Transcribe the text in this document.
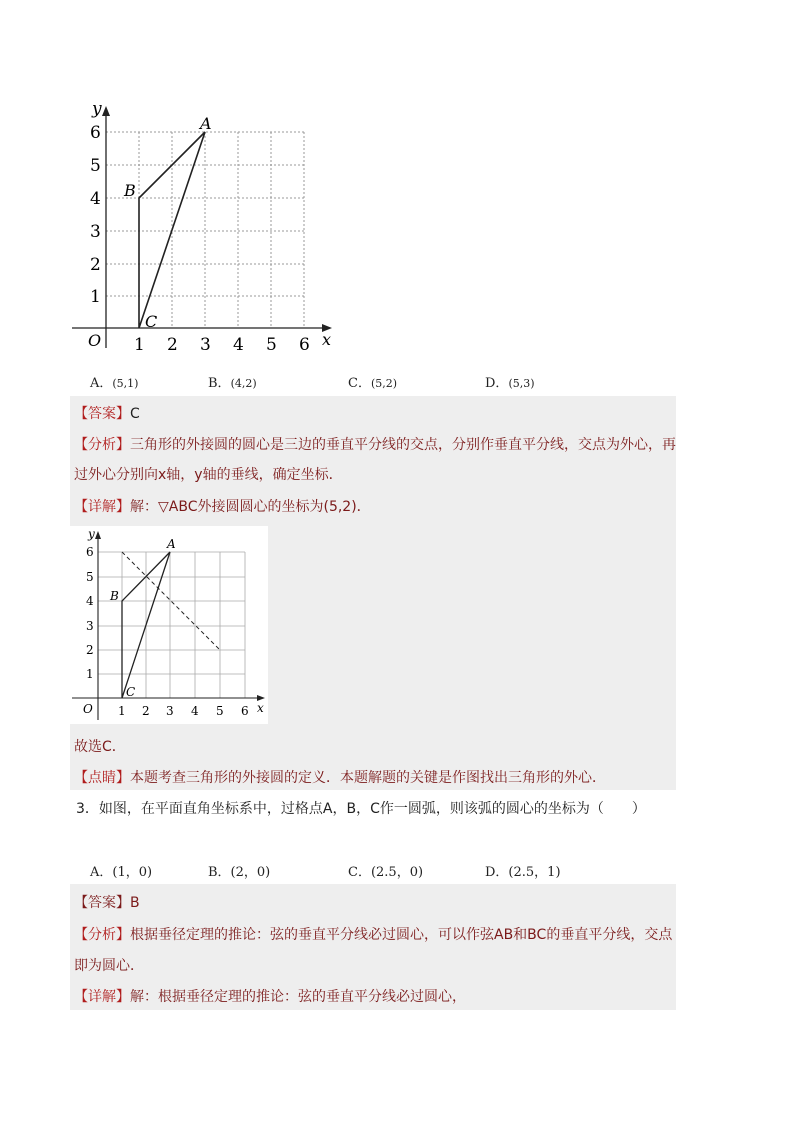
y
x
O 1 2 3 4 5 6
1
2
3
4
5
6	A
B
C
A．(5,1)	B．(4,2)	C．(5,2)	D．(5,3)
【答案】C
【分析】三角形的外接圆的圆心是三边的垂直平分线的交点，分别作垂直平分线，交点为外心，再
过外心分别向x轴，y轴的垂线，确定坐标．
【详解】解：▽ABC外接圆圆心的坐标为(5,2)．
y
x
O 1 2 3 4 5 6
1
2
3
4
5
6
A
B
C
故选C．
【点睛】本题考查三角形的外接圆的定义．本题解题的关键是作图找出三角形的外心．
3．如图，在平面直角坐标系中，过格点A，B，C作一圆弧，则该弧的圆心的坐标为（　　）
A．(1，0)	B．(2，0)	C．(2.5，0)	D．(2.5，1)
【答案】B
【分析】根据垂径定理的推论：弦的垂直平分线必过圆心，可以作弦AB和BC的垂直平分线，交点
即为圆心．
【详解】解：根据垂径定理的推论：弦的垂直平分线必过圆心，
